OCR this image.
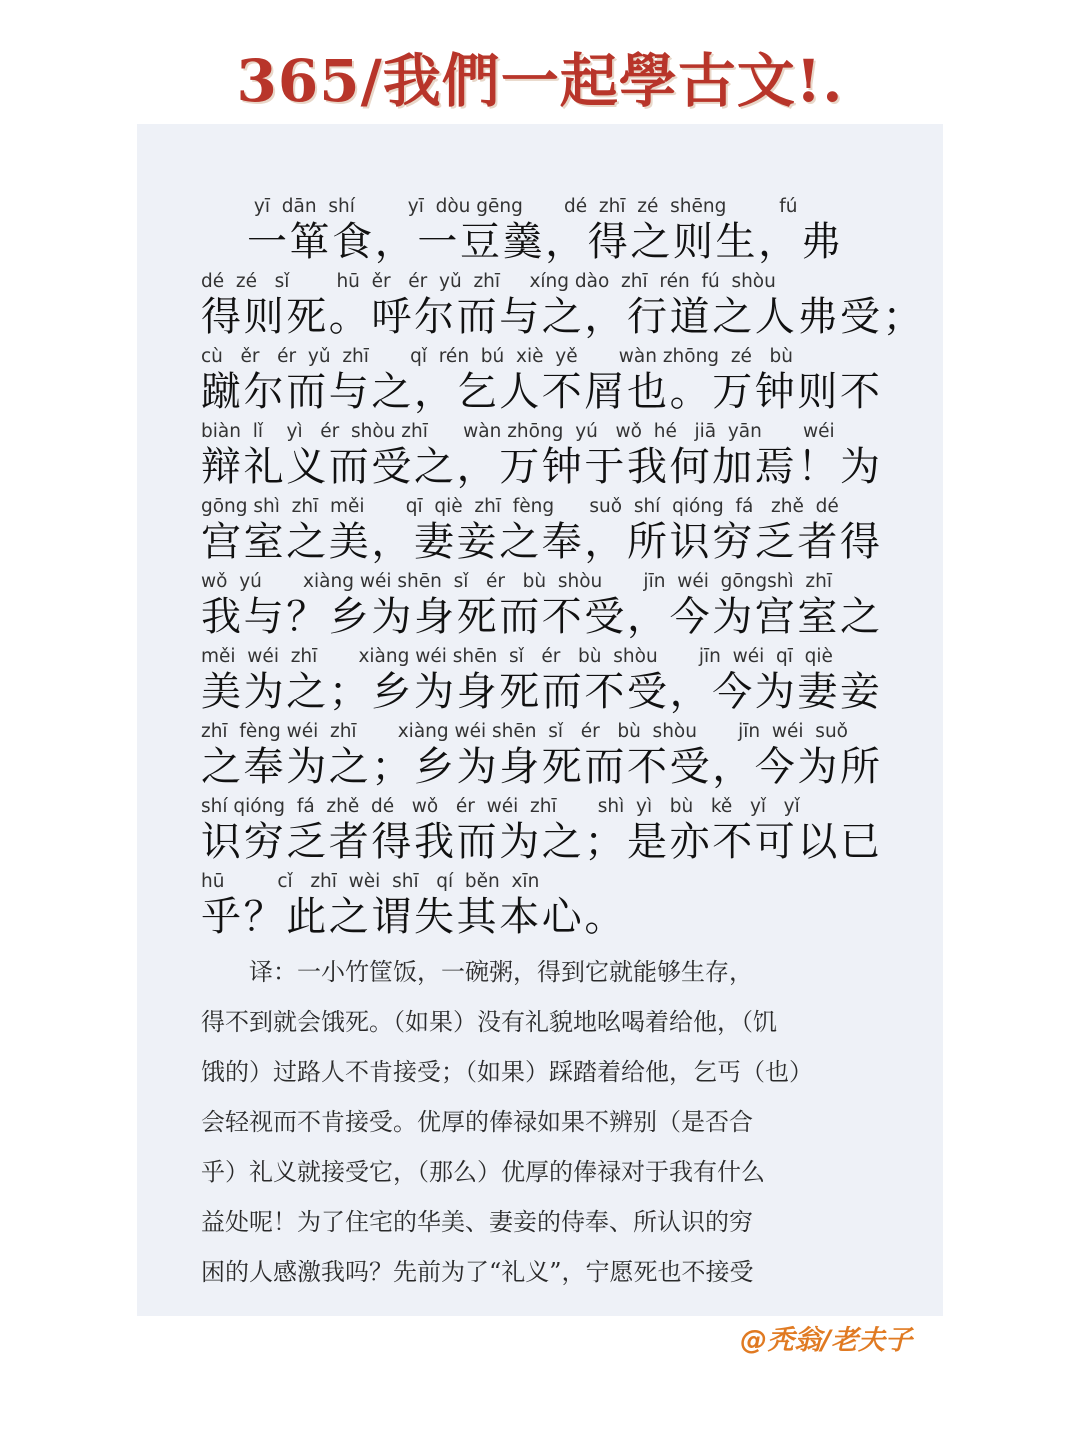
365/我們一起學古文!.
yī  dān  shí         yī  dòu gēng       dé  zhī  zé  shēng         fú
一箪食，一豆羹，得之则生，弗
dé  zé   sǐ        hū  ěr   ér  yǔ  zhī     xíng dào  zhī  rén  fú  shòu
得则死。呼尔而与之，行道之人弗受；
cù   ěr   ér  yǔ  zhī       qǐ  rén  bú  xiè  yě       wàn zhōng  zé   bù
蹴尔而与之，乞人不屑也。万钟则不
biàn  lǐ    yì   ér  shòu zhī      wàn zhōng  yú   wǒ  hé   jiā  yān       wéi
辩礼义而受之，万钟于我何加焉！为
gōng shì  zhī  měi       qī  qiè  zhī  fèng      suǒ  shí  qióng  fá   zhě  dé
宫室之美，妻妾之奉，所识穷乏者得
wǒ  yú       xiàng wéi shēn  sǐ   ér   bù  shòu       jīn  wéi  gōngshì  zhī
我与？乡为身死而不受，今为宫室之
měi  wéi  zhī       xiàng wéi shēn  sǐ   ér   bù  shòu       jīn  wéi  qī  qiè
美为之；乡为身死而不受，今为妻妾
zhī  fèng wéi  zhī       xiàng wéi shēn  sǐ   ér   bù  shòu       jīn  wéi  suǒ
之奉为之；乡为身死而不受，今为所
shí qióng  fá  zhě  dé   wǒ   ér  wéi  zhī       shì  yì   bù   kě   yǐ   yǐ
识穷乏者得我而为之；是亦不可以已
hū         cǐ   zhī  wèi  shī   qí  běn  xīn
乎？此之谓失其本心。
　　译：一小竹筐饭，一碗粥，得到它就能够生存，
得不到就会饿死。（如果）没有礼貌地吆喝着给他，（饥
饿的）过路人不肯接受；（如果）踩踏着给他，乞丐（也）
会轻视而不肯接受。优厚的俸禄如果不辨别（是否合
乎）礼义就接受它，（那么）优厚的俸禄对于我有什么
益处呢！为了住宅的华美、妻妾的侍奉、所认识的穷
困的人感激我吗？先前为了“礼义”，宁愿死也不接受
@秃翁/老夫子
